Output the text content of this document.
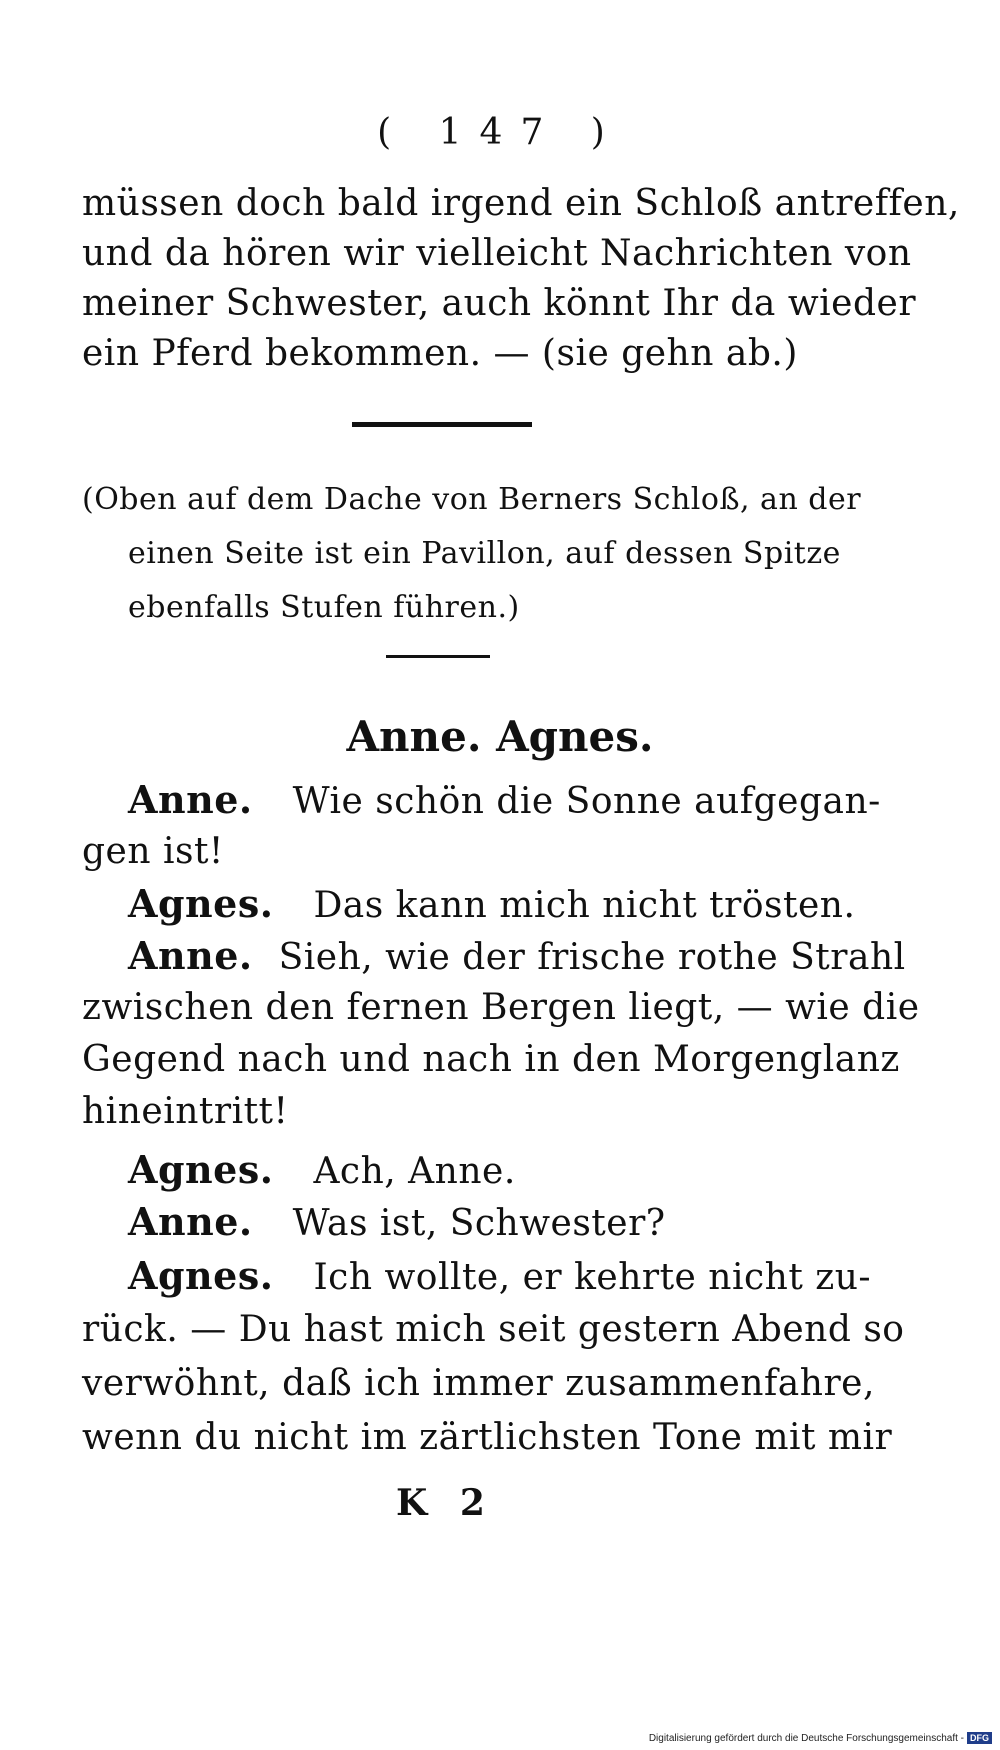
( 147 )
müssen doch bald irgend ein Schloß antreffen,
und da hören wir vielleicht Nachrichten von
meiner Schwester, auch könnt Ihr da wieder
ein Pferd bekommen. — (sie gehn ab.)
(Oben auf dem Dache von Berners Schloß, an der
einen Seite ist ein Pavillon, auf dessen Spitze
ebenfalls Stufen führen.)
Anne. Agnes.
Anne. Wie schön die Sonne aufgegan-
gen ist!
Agnes. Das kann mich nicht trösten.
Anne. Sieh, wie der frische rothe Strahl
zwischen den fernen Bergen liegt, — wie die
Gegend nach und nach in den Morgenglanz
hineintritt!
Agnes. Ach, Anne.
Anne. Was ist, Schwester?
Agnes. Ich wollte, er kehrte nicht zu-
rück. — Du hast mich seit gestern Abend so
verwöhnt, daß ich immer zusammenfahre,
wenn du nicht im zärtlichsten Tone mit mir
K 2
Digitalisierung gefördert durch die Deutsche Forschungsgemeinschaft - DFG
